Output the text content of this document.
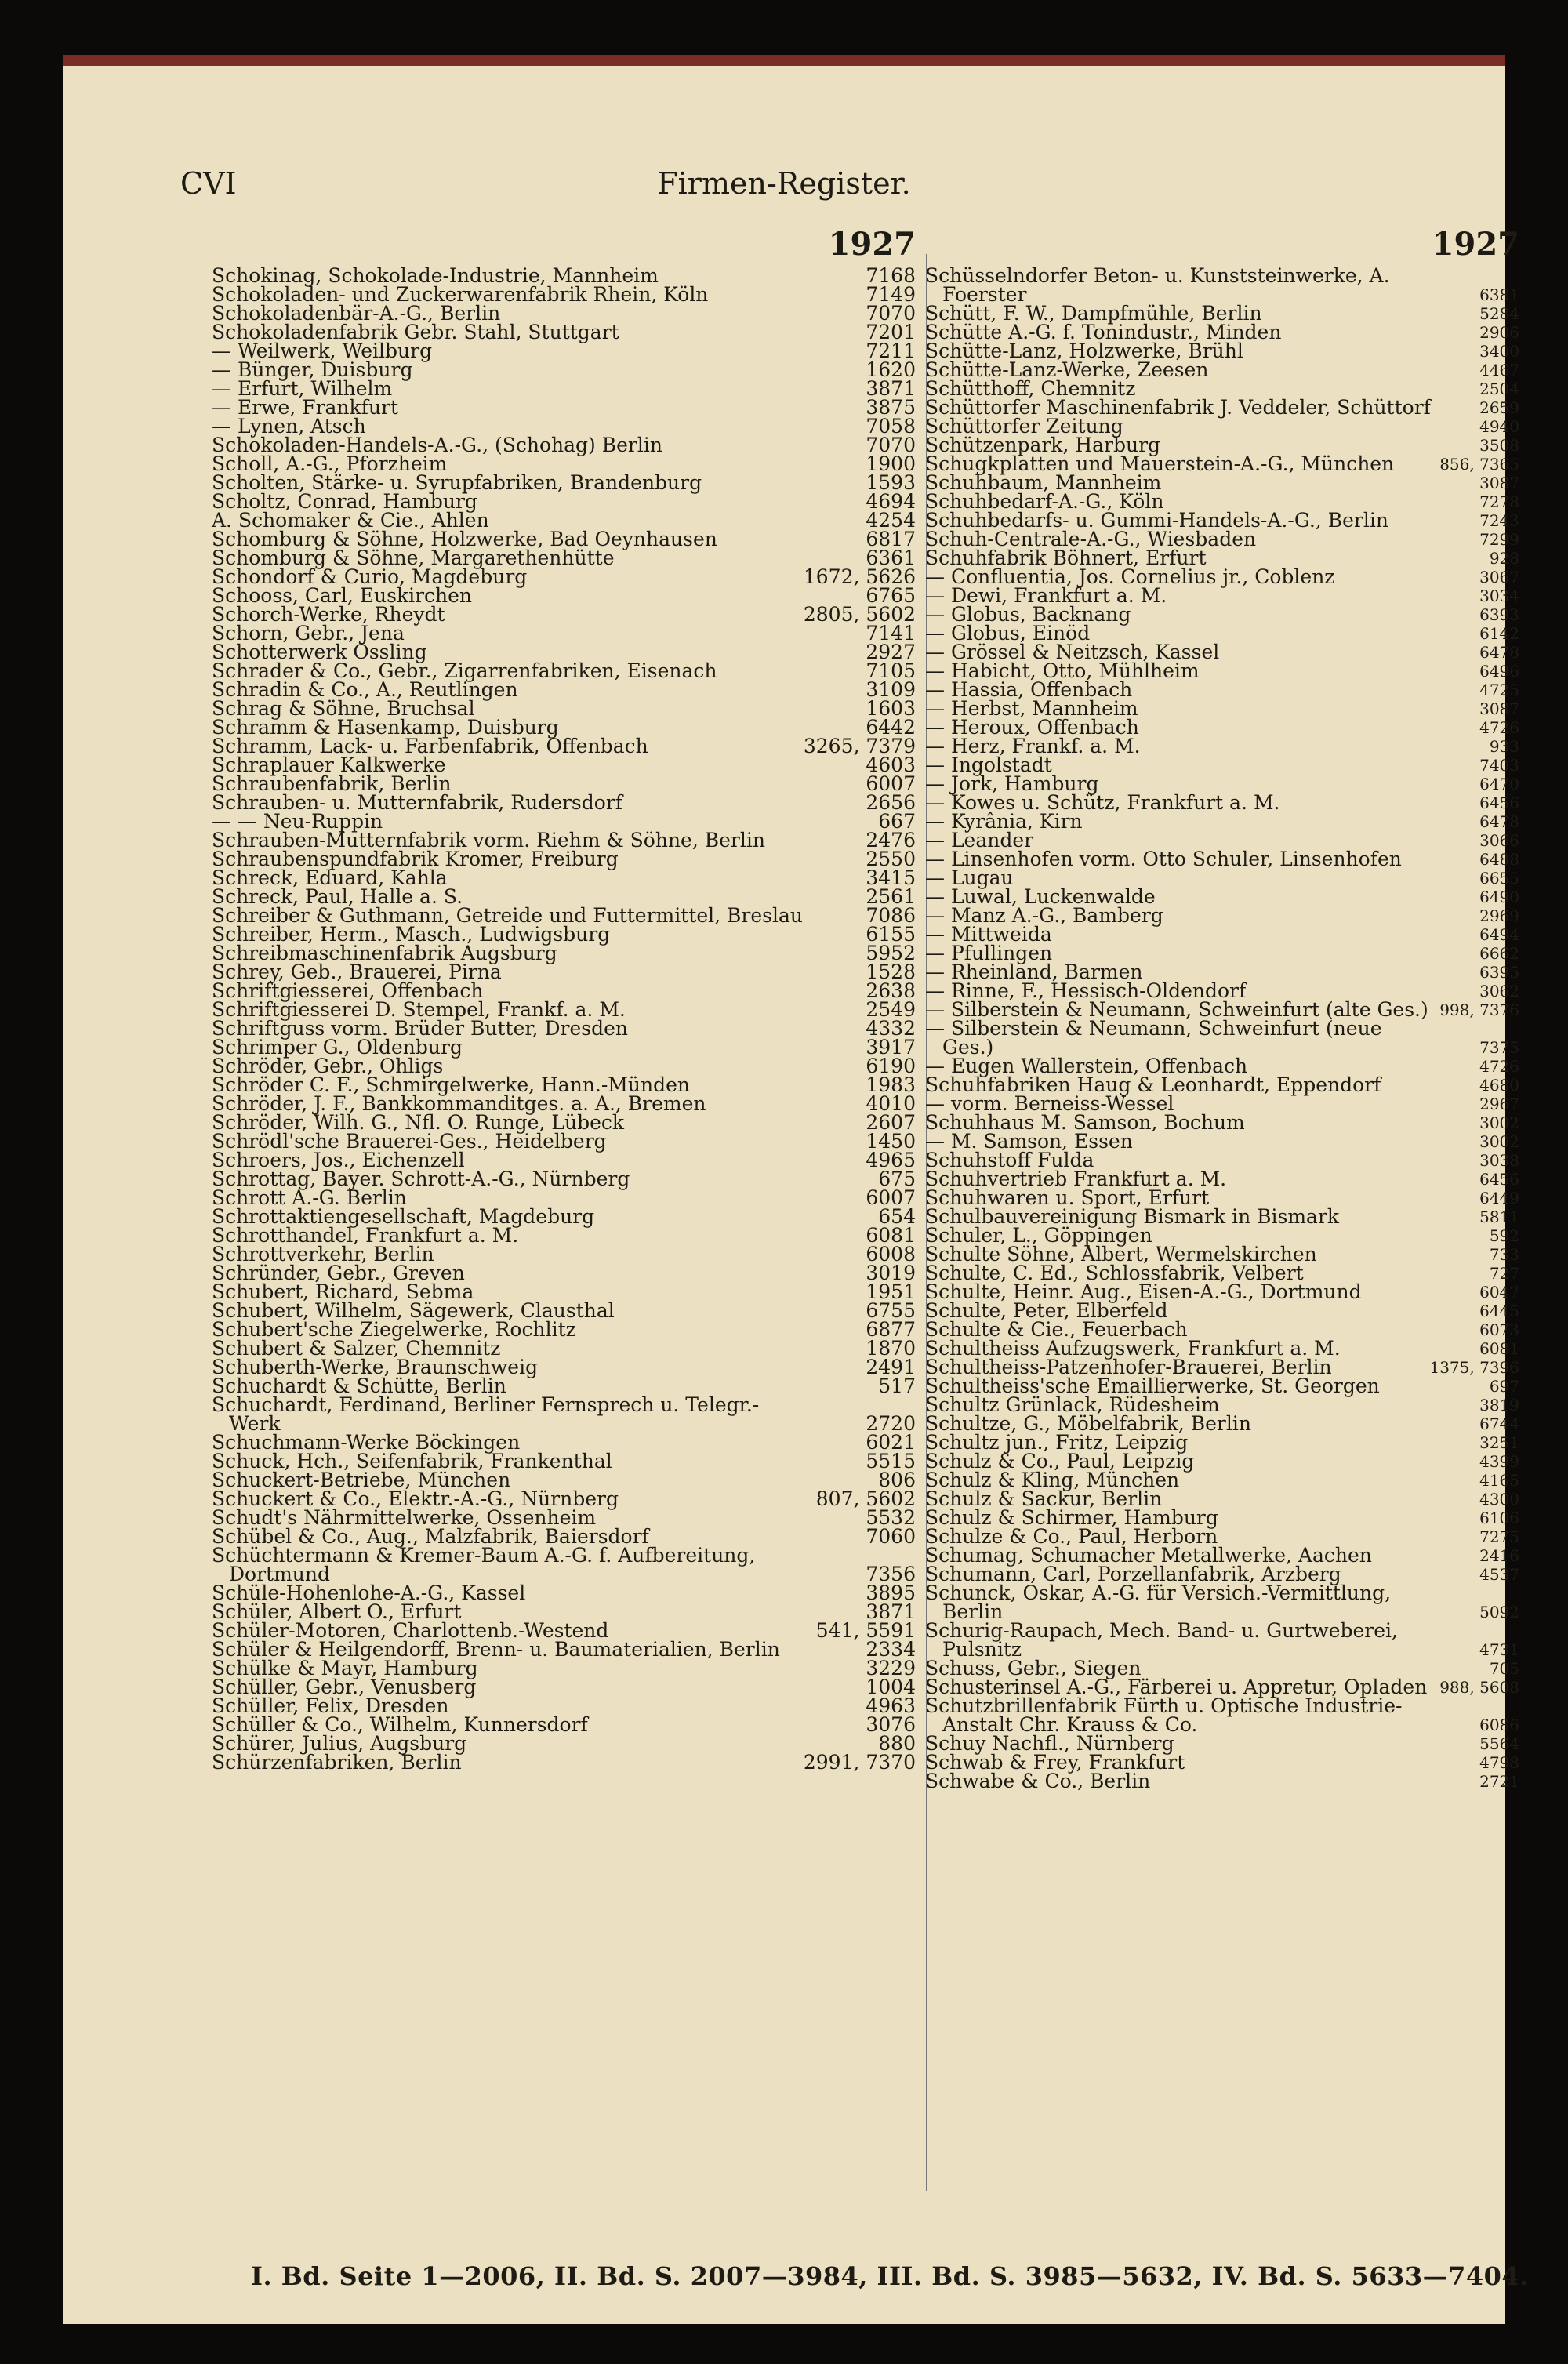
CVI	Firmen-Register.
1927
Schokinag, Schokolade-Industrie, Mannheim	7168
Schokoladen- und Zuckerwarenfabrik Rhein, Köln	7149
Schokoladenbär-A.-G., Berlin	7070
Schokoladenfabrik Gebr. Stahl, Stuttgart	7201
— Weilwerk, Weilburg	7211
— Bünger, Duisburg	1620
— Erfurt, Wilhelm	3871
— Erwe, Frankfurt	3875
— Lynen, Atsch	7058
Schokoladen-Handels-A.-G., (Schohag) Berlin	7070
Scholl, A.-G., Pforzheim	1900
Scholten, Stärke- u. Syrupfabriken, Brandenburg	1593
Scholtz, Conrad, Hamburg	4694
A. Schomaker & Cie., Ahlen	4254
Schomburg & Söhne, Holzwerke, Bad Oeynhausen	6817
Schomburg & Söhne, Margarethenhütte	6361
Schondorf & Curio, Magdeburg	1672, 5626
Schooss, Carl, Euskirchen	6765
Schorch-Werke, Rheydt	2805, 5602
Schorn, Gebr., Jena	7141
Schotterwerk Ossling	2927
Schrader & Co., Gebr., Zigarrenfabriken, Eisenach	7105
Schradin & Co., A., Reutlingen	3109
Schrag & Söhne, Bruchsal	1603
Schramm & Hasenkamp, Duisburg	6442
Schramm, Lack- u. Farbenfabrik, Offenbach	3265, 7379
Schraplauer Kalkwerke	4603
Schraubenfabrik, Berlin	6007
Schrauben- u. Mutternfabrik, Rudersdorf	2656
— — Neu-Ruppin	667
Schrauben-Mutternfabrik vorm. Riehm & Söhne, Berlin	2476
Schraubenspundfabrik Kromer, Freiburg	2550
Schreck, Eduard, Kahla	3415
Schreck, Paul, Halle a. S.	2561
Schreiber & Guthmann, Getreide und Futtermittel, Breslau	7086
Schreiber, Herm., Masch., Ludwigsburg	6155
Schreibmaschinenfabrik Augsburg	5952
Schrey, Geb., Brauerei, Pirna	1528
Schriftgiesserei, Offenbach	2638
Schriftgiesserei D. Stempel, Frankf. a. M.	2549
Schriftguss vorm. Brüder Butter, Dresden	4332
Schrimper G., Oldenburg	3917
Schröder, Gebr., Ohligs	6190
Schröder C. F., Schmirgelwerke, Hann.-Münden	1983
Schröder, J. F., Bankkommanditges. a. A., Bremen	4010
Schröder, Wilh. G., Nfl. O. Runge, Lübeck	2607
Schrödl'sche Brauerei-Ges., Heidelberg	1450
Schroers, Jos., Eichenzell	4965
Schrottag, Bayer. Schrott-A.-G., Nürnberg	675
Schrott A.-G. Berlin	6007
Schrottaktiengesellschaft, Magdeburg	654
Schrotthandel, Frankfurt a. M.	6081
Schrottverkehr, Berlin	6008
Schründer, Gebr., Greven	3019
Schubert, Richard, Sebma	1951
Schubert, Wilhelm, Sägewerk, Clausthal	6755
Schubert'sche Ziegelwerke, Rochlitz	6877
Schubert & Salzer, Chemnitz	1870
Schuberth-Werke, Braunschweig	2491
Schuchardt & Schütte, Berlin	517
Schuchardt, Ferdinand, Berliner Fernsprech u. Telegr.-Werk	2720
Schuchmann-Werke Böckingen	6021
Schuck, Hch., Seifenfabrik, Frankenthal	5515
Schuckert-Betriebe, München	806
Schuckert & Co., Elektr.-A.-G., Nürnberg	807, 5602
Schudt's Nährmittelwerke, Ossenheim	5532
Schübel & Co., Aug., Malzfabrik, Baiersdorf	7060
Schüchtermann & Kremer-Baum A.-G. f. Aufbereitung, Dortmund	7356
Schüle-Hohenlohe-A.-G., Kassel	3895
Schüler, Albert O., Erfurt	3871
Schüler-Motoren, Charlottenb.-Westend	541, 5591
Schüler & Heilgendorff, Brenn- u. Baumaterialien, Berlin	2334
Schülke & Mayr, Hamburg	3229
Schüller, Gebr., Venusberg	1004
Schüller, Felix, Dresden	4963
Schüller & Co., Wilhelm, Kunnersdorf	3076
Schürer, Julius, Augsburg	880
Schürzenfabriken, Berlin	2991, 7370
1927
Schüsselndorfer Beton- u. Kunststeinwerke, A. Foerster	6381
Schütt, F. W., Dampfmühle, Berlin	5284
Schütte A.-G. f. Tonindustr., Minden	2906
Schütte-Lanz, Holzwerke, Brühl	3400
Schütte-Lanz-Werke, Zeesen	4467
Schütthoff, Chemnitz	2504
Schüttorfer Maschinenfabrik J. Veddeler, Schüttorf	2659
Schüttorfer Zeitung	4940
Schützenpark, Harburg	3508
Schugkplatten und Mauerstein-A.-G., München	856, 7365
Schuhbaum, Mannheim	3087
Schuhbedarf-A.-G., Köln	7278
Schuhbedarfs- u. Gummi-Handels-A.-G., Berlin	7243
Schuh-Centrale-A.-G., Wiesbaden	7299
Schuhfabrik Böhnert, Erfurt	928
— Confluentia, Jos. Cornelius jr., Coblenz	3067
— Dewi, Frankfurt a. M.	3034
— Globus, Backnang	6393
— Globus, Einöd	6142
— Grössel & Neitzsch, Kassel	6478
— Habicht, Otto, Mühlheim	6496
— Hassia, Offenbach	4725
— Herbst, Mannheim	3087
— Heroux, Offenbach	4726
— Herz, Frankf. a. M.	933
— Ingolstadt	7403
— Jork, Hamburg	6470
— Kowes u. Schütz, Frankfurt a. M.	6456
— Kyrânia, Kirn	6478
— Leander	3066
— Linsenhofen vorm. Otto Schuler, Linsenhofen	6488
— Lugau	6655
— Luwal, Luckenwalde	6490
— Manz A.-G., Bamberg	2969
— Mittweida	6494
— Pfullingen	6662
— Rheinland, Barmen	6395
— Rinne, F., Hessisch-Oldendorf	3062
— Silberstein & Neumann, Schweinfurt (alte Ges.) 998, 7376
— Silberstein & Neumann, Schweinfurt (neue Ges.)	7375
— Eugen Wallerstein, Offenbach	4726
Schuhfabriken Haug & Leonhardt, Eppendorf	4680
— vorm. Berneiss-Wessel	2967
Schuhhaus M. Samson, Bochum	3002
— M. Samson, Essen	3002
Schuhstoff Fulda	3038
Schuhvertrieb Frankfurt a. M.	6456
Schuhwaren u. Sport, Erfurt	6449
Schulbauvereinigung Bismark in Bismark	5811
Schuler, L., Göppingen	592
Schulte Söhne, Albert, Wermelskirchen	733
Schulte, C. Ed., Schlossfabrik, Velbert	727
Schulte, Heinr. Aug., Eisen-A.-G., Dortmund	6047
Schulte, Peter, Elberfeld	6445
Schulte & Cie., Feuerbach	6073
Schultheiss Aufzugswerk, Frankfurt a. M.	6081
Schultheiss-Patzenhofer-Brauerei, Berlin	1375, 7396
Schultheiss'sche Emaillierwerke, St. Georgen	697
Schultz Grünlack, Rüdesheim	3819
Schultze, G., Möbelfabrik, Berlin	6744
Schultz jun., Fritz, Leipzig	3251
Schulz & Co., Paul, Leipzig	4399
Schulz & Kling, München	4165
Schulz & Sackur, Berlin	4300
Schulz & Schirmer, Hamburg	6106
Schulze & Co., Paul, Herborn	7275
Schumag, Schumacher Metallwerke, Aachen	2416
Schumann, Carl, Porzellanfabrik, Arzberg	4537
Schunck, Oskar, A.-G. für Versich.-Vermittlung, Berlin	5092
Schurig-Raupach, Mech. Band- u. Gurtweberei, Pulsnitz	4731
Schuss, Gebr., Siegen	705
Schusterinsel A.-G., Färberei u. Appretur, Opladen 988, 5608
Schutzbrillenfabrik Fürth u. Optische Industrie-Anstalt Chr. Krauss & Co.	6086
Schuy Nachfl., Nürnberg	5564
Schwab & Frey, Frankfurt	4798
Schwabe & Co., Berlin	2721
I. Bd. Seite 1—2006, II. Bd. S. 2007—3984, III. Bd. S. 3985—5632, IV. Bd. S. 5633—7404.
